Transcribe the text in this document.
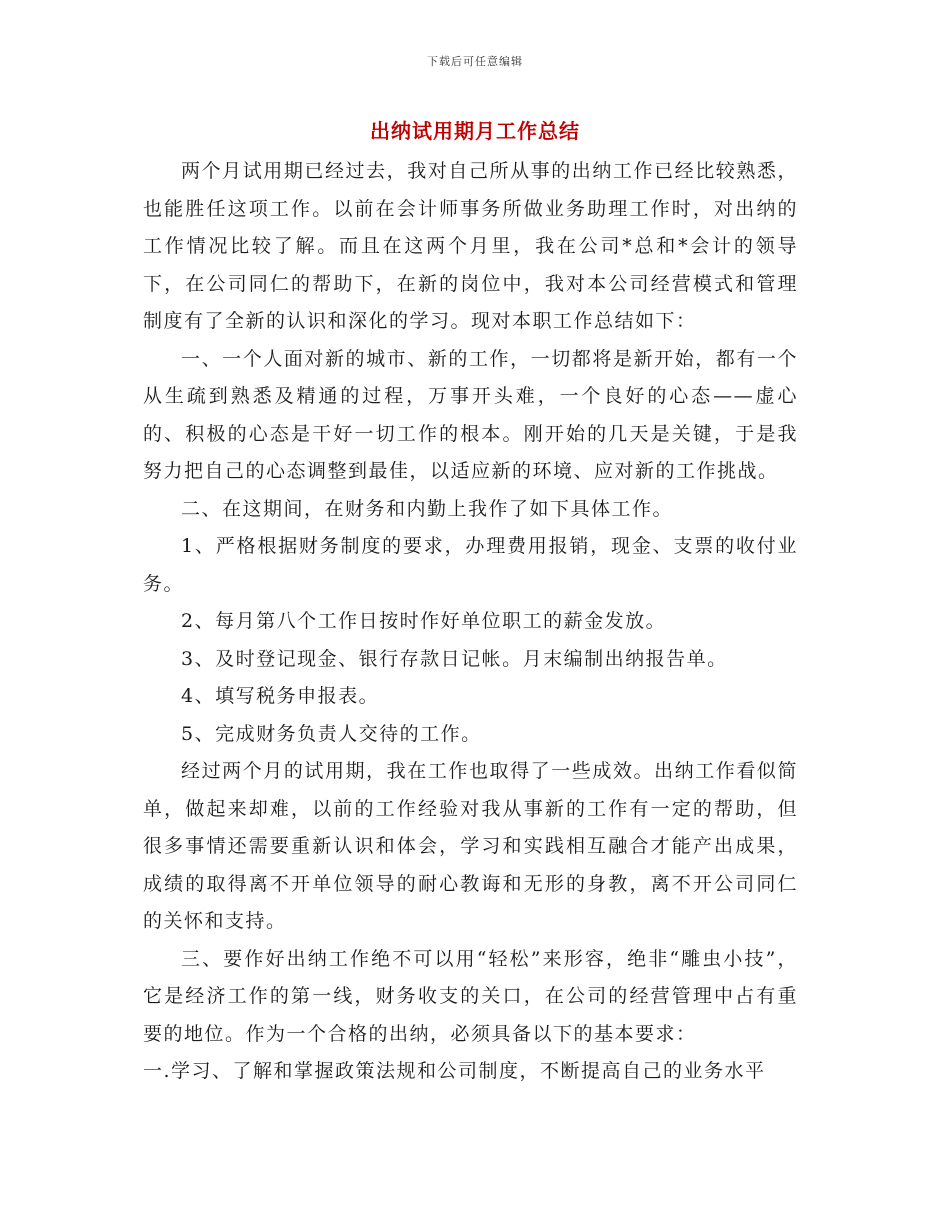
下载后可任意编辑
出纳试用期月工作总结

两个月试用期已经过去，我对自己所从事的出纳工作已经比较熟悉，也能胜任这项工作。以前在会计师事务所做业务助理工作时，对出纳的工作情况比较了解。而且在这两个月里，我在公司*总和*会计的领导下，在公司同仁的帮助下，在新的岗位中，我对本公司经营模式和管理制度有了全新的认识和深化的学习。现对本职工作总结如下：

一、一个人面对新的城市、新的工作，一切都将是新开始，都有一个从生疏到熟悉及精通的过程，万事开头难，一个良好的心态——虚心的、积极的心态是干好一切工作的根本。刚开始的几天是关键，于是我努力把自己的心态调整到最佳，以适应新的环境、应对新的工作挑战。

二、在这期间，在财务和内勤上我作了如下具体工作。

1、严格根据财务制度的要求，办理费用报销，现金、支票的收付业务。

2、每月第八个工作日按时作好单位职工的薪金发放。

3、及时登记现金、银行存款日记帐。月末编制出纳报告单。

4、填写税务申报表。

5、完成财务负责人交待的工作。

经过两个月的试用期，我在工作也取得了一些成效。出纳工作看似简单，做起来却难，以前的工作经验对我从事新的工作有一定的帮助，但很多事情还需要重新认识和体会，学习和实践相互融合才能产出成果，成绩的取得离不开单位领导的耐心教诲和无形的身教，离不开公司同仁的关怀和支持。

三、要作好出纳工作绝不可以用“轻松”来形容，绝非“雕虫小技”，它是经济工作的第一线，财务收支的关口，在公司的经营管理中占有重要的地位。作为一个合格的出纳，必须具备以下的基本要求：

一.学习、了解和掌握政策法规和公司制度，不断提高自己的业务水平
